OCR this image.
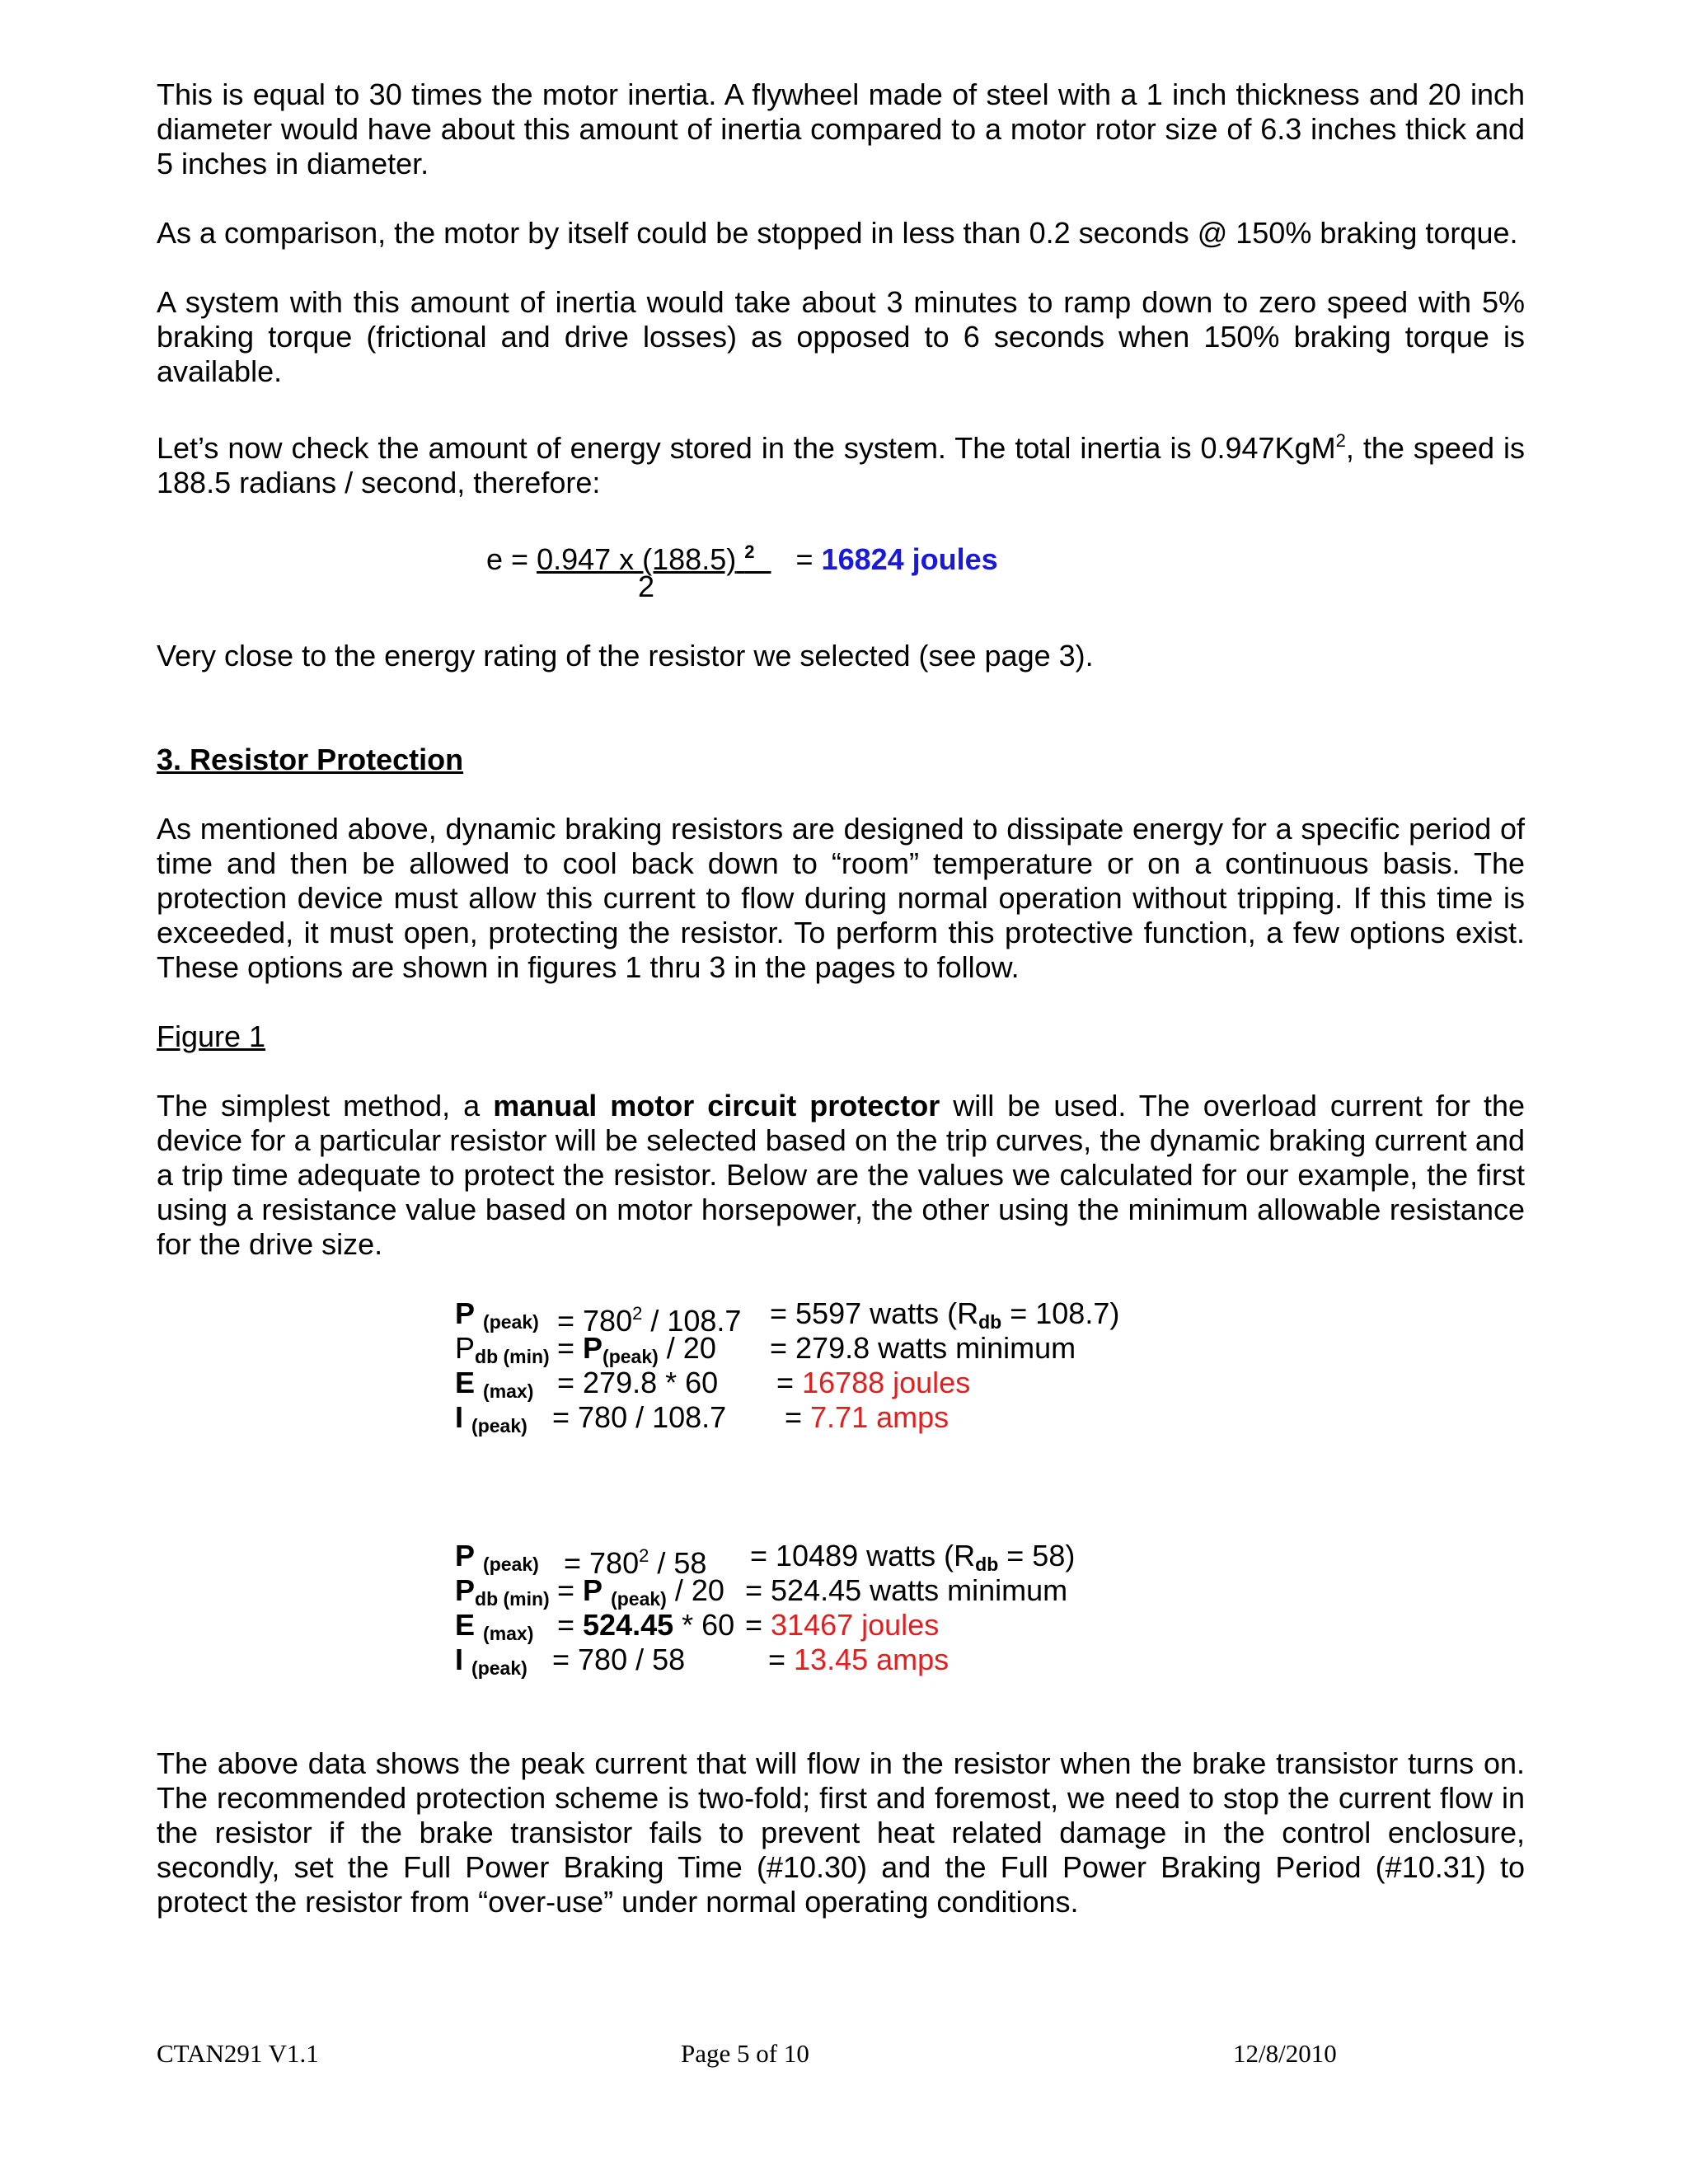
This is equal to 30 times the motor inertia. A flywheel made of steel with a 1 inch thickness and 20 inch diameter would have about this amount of inertia compared to a motor rotor size of 6.3 inches thick and 5 inches in diameter.

As a comparison, the motor by itself could be stopped in less than 0.2 seconds @ 150% braking torque.

A system with this amount of inertia would take about 3 minutes to ramp down to zero speed with 5% braking torque (frictional and drive losses) as opposed to 6 seconds when 150% braking torque is available.

Let’s now check the amount of energy stored in the system. The total inertia is 0.947KgM$^2$, the speed is 188.5 radians / second, therefore:

e = 0.947 x (188.5) $^2$ = 16824 joules
2

Very close to the energy rating of the resistor we selected (see page 3).

3. Resistor Protection

As mentioned above, dynamic braking resistors are designed to dissipate energy for a specific period of time and then be allowed to cool back down to “room” temperature or on a continuous basis. The protection device must allow this current to flow during normal operation without tripping. If this time is exceeded, it must open, protecting the resistor. To perform this protective function, a few options exist. These options are shown in figures 1 thru 3 in the pages to follow.

Figure 1

The simplest method, a manual motor circuit protector will be used. The overload current for the device for a particular resistor will be selected based on the trip curves, the dynamic braking current and a trip time adequate to protect the resistor. Below are the values we calculated for our example, the first using a resistance value based on motor horsepower, the other using the minimum allowable resistance for the drive size.

P $_{(peak)} = 780^2 / 108.7 = 5597$ watts $(R_{db} = 108.7)$
$P_{db (min)} = P_{(peak)} / 20 = 279.8$ watts minimum
E $_{(max)}$ = 279.8 * 60 = 16788 joules
I $_{(peak)}$ = 780 / 108.7 = 7.71 amps
P $_{(peak)} = 780^2 / 58 = 10489$ watts $(R_{db} = 58)$
$P_{db (min)} = P$ $_{(peak)}$ / 20 = 524.45 watts minimum
E $_{(max)}$ = 524.45 * 60 = 31467 joules
I $_{(peak)}$ = 780 / 58	= 13.45 amps

The above data shows the peak current that will flow in the resistor when the brake transistor turns on. The recommended protection scheme is two-fold; first and foremost, we need to stop the current flow in the resistor if the brake transistor fails to prevent heat related damage in the control enclosure, secondly, set the Full Power Braking Time (#10.30) and the Full Power Braking Period (#10.31) to protect the resistor from “over-use” under normal operating conditions.

CTAN291 V1.1	Page 5 of 10	12/8/2010
